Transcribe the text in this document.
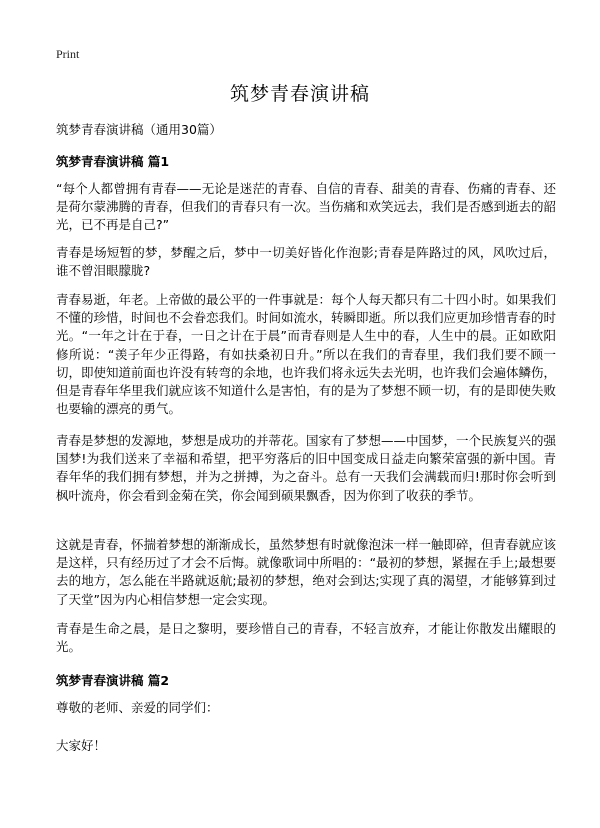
Print
筑梦青春演讲稿
筑梦青春演讲稿（通用30篇）
筑梦青春演讲稿 篇1

“每个人都曾拥有青春——无论是迷茫的青春、自信的青春、甜美的青春、伤痛的青春、还是荷尔蒙沸腾的青春，但我们的青春只有一次。当伤痛和欢笑远去，我们是否感到逝去的韶光，已不再是自己?”

青春是场短暂的梦，梦醒之后，梦中一切美好皆化作泡影;青春是阵路过的风，风吹过后，谁不曾泪眼朦胧?

青春易逝，年老。上帝做的最公平的一件事就是：每个人每天都只有二十四小时。如果我们不懂的珍惜，时间也不会眷恋我们。时间如流水，转瞬即逝。所以我们应更加珍惜青春的时光。“一年之计在于春，一日之计在于晨”而青春则是人生中的春，人生中的晨。正如欧阳修所说：“羡子年少正得路，有如扶桑初日升。”所以在我们的青春里，我们我们要不顾一切，即使知道前面也许没有转弯的余地，也许我们将永远失去光明，也许我们会遍体鳞伤，但是青春年华里我们就应该不知道什么是害怕，有的是为了梦想不顾一切，有的是即使失败也要输的漂亮的勇气。

青春是梦想的发源地，梦想是成功的并蒂花。国家有了梦想——中国梦，一个民族复兴的强国梦!为我们送来了幸福和希望，把平穷落后的旧中国变成日益走向繁荣富强的新中国。青春年华的我们拥有梦想，并为之拼搏，为之奋斗。总有一天我们会满载而归!那时你会听到枫叶流舟，你会看到金菊在笑，你会闻到硕果飘香，因为你到了收获的季节。

这就是青春，怀揣着梦想的渐渐成长，虽然梦想有时就像泡沫一样一触即碎，但青春就应该是这样，只有经历过了才会不后悔。就像歌词中所唱的：“最初的梦想，紧握在手上;最想要去的地方，怎么能在半路就返航;最初的梦想，绝对会到达;实现了真的渴望，才能够算到过了天堂”因为内心相信梦想一定会实现。

青春是生命之晨，是日之黎明，要珍惜自己的青春，不轻言放弃，才能让你散发出耀眼的光。

筑梦青春演讲稿 篇2

尊敬的老师、亲爱的同学们：

大家好！
